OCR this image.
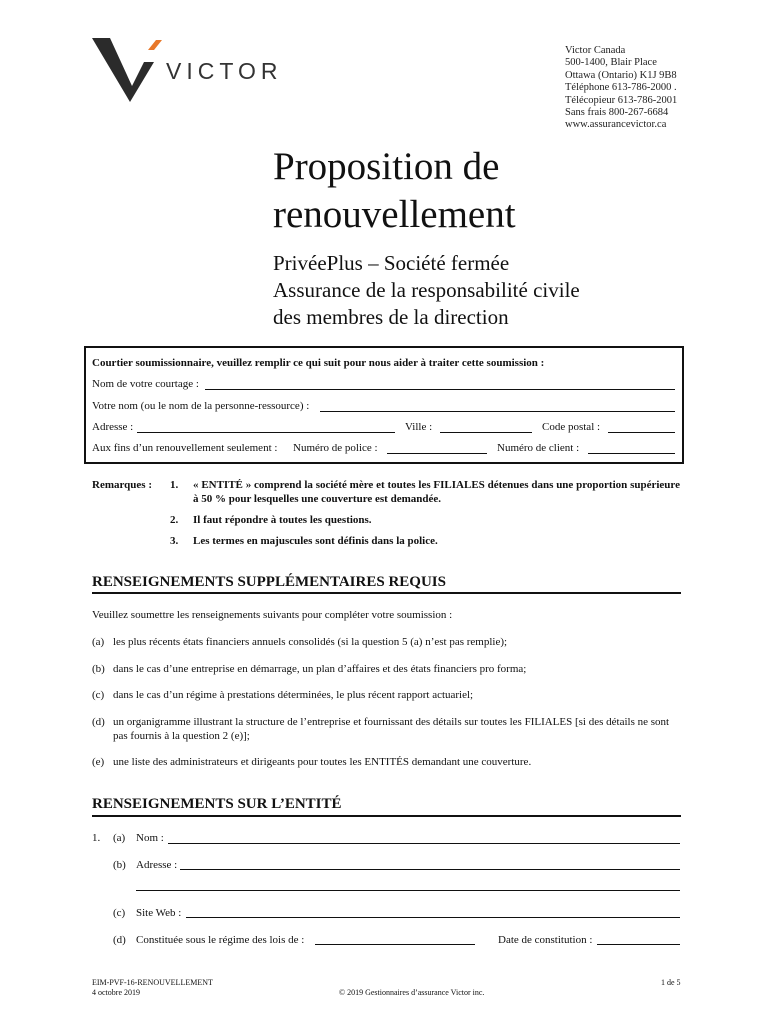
VICTOR
Victor Canada
500-1400, Blair Place
Ottawa (Ontario) K1J 9B8
Téléphone 613-786-2000 .
Télécopieur 613-786-2001
Sans frais 800-267-6684
www.assurancevictor.ca
Proposition de
renouvellement
PrivéePlus – Société fermée
Assurance de la responsabilité civile
des membres de la direction
Courtier soumissionnaire, veuillez remplir ce qui suit pour nous aider à traiter cette soumission :
Nom de votre courtage :
Votre nom (ou le nom de la personne-ressource) :
Adresse :	Ville :	Code postal :
Aux fins d’un renouvellement seulement : Numéro de police :	Numéro de client :
Remarques : 1. « ENTITÉ » comprend la société mère et toutes les FILIALES détenues dans une proportion supérieure à 50 % pour lesquelles une couverture est demandée.
2. Il faut répondre à toutes les questions.
3. Les termes en majuscules sont définis dans la police.
RENSEIGNEMENTS SUPPLÉMENTAIRES REQUIS
Veuillez soumettre les renseignements suivants pour compléter votre soumission :
(a) les plus récents états financiers annuels consolidés (si la question 5 (a) n’est pas remplie);
(b) dans le cas d’une entreprise en démarrage, un plan d’affaires et des états financiers pro forma;
(c) dans le cas d’un régime à prestations déterminées, le plus récent rapport actuariel;
(d) un organigramme illustrant la structure de l’entreprise et fournissant des détails sur toutes les FILIALES [si des détails ne sont pas fournis à la question 2 (e)];
(e) une liste des administrateurs et dirigeants pour toutes les ENTITÉS demandant une couverture.
RENSEIGNEMENTS SUR L’ENTITÉ
1. (a) Nom :
(b) Adresse :
(c) Site Web :
(d) Constituée sous le régime des lois de :	Date de constitution :
EIM-PVF-16-RENOUVELLEMENT
4 octobre 2019	© 2019 Gestionnaires d’assurance Victor inc.
1 de 5
